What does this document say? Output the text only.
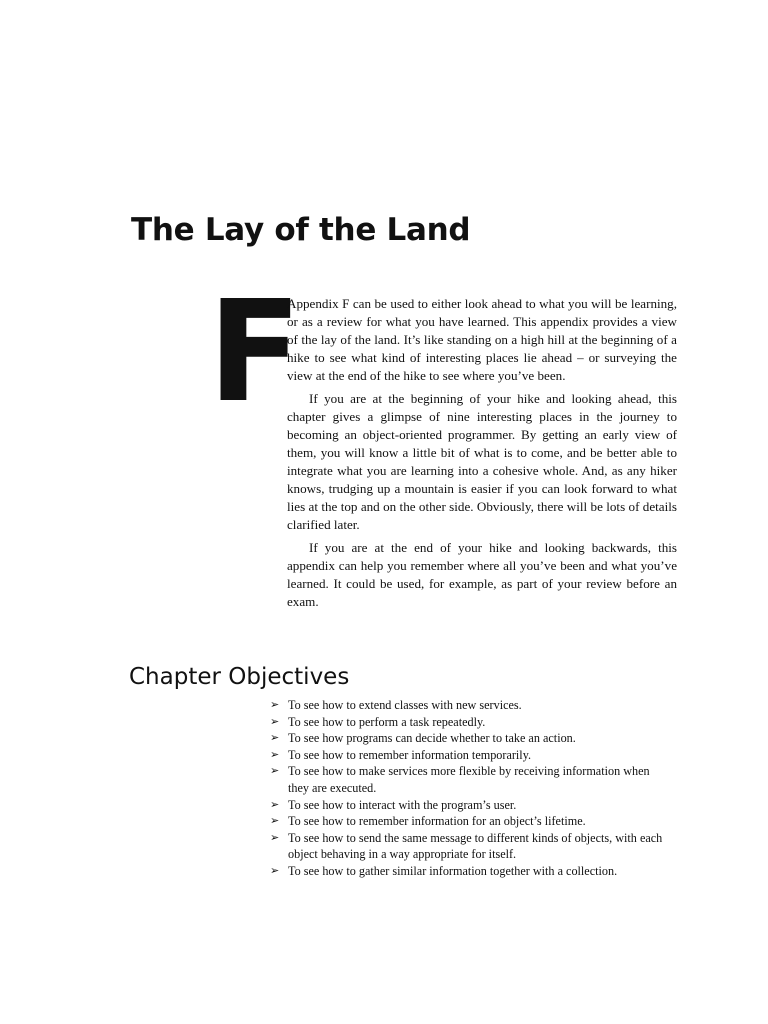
The Lay of the Land
F

Appendix F can be used to either look ahead to what you will be learning, or as a review for what you have learned. This appendix provides a view of the lay of the land. It’s like standing on a high hill at the beginning of a hike to see what kind of interesting places lie ahead – or surveying the view at the end of the hike to see where you’ve been.

If you are at the beginning of your hike and looking ahead, this chapter gives a glimpse of nine interesting places in the journey to becoming an object-oriented programmer. By getting an early view of them, you will know a little bit of what is to come, and be better able to integrate what you are learning into a cohesive whole. And, as any hiker knows, trudging up a mountain is easier if you can look forward to what lies at the top and on the other side. Obviously, there will be lots of details clarified later.

If you are at the end of your hike and looking backwards, this appendix can help you remember where all you’ve been and what you’ve learned. It could be used, for example, as part of your review before an exam.

Chapter Objectives
➢ To see how to extend classes with new services.
➢ To see how to perform a task repeatedly.
➢ To see how programs can decide whether to take an action.
➢ To see how to remember information temporarily.
➢ To see how to make services more flexible by receiving information when they are executed.
➢ To see how to interact with the program’s user.
➢ To see how to remember information for an object’s lifetime.
➢ To see how to send the same message to different kinds of objects, with each object behaving in a way appropriate for itself.
➢ To see how to gather similar information together with a collection.
